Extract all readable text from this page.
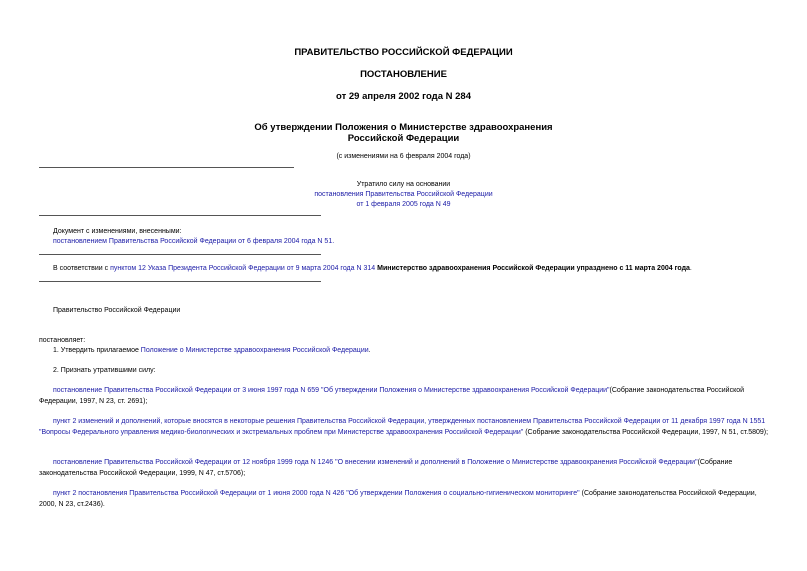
ПРАВИТЕЛЬСТВО РОССИЙСКОЙ ФЕДЕРАЦИИ
ПОСТАНОВЛЕНИЕ
от 29 апреля 2002 года N 284
Об утверждении Положения о Министерстве здравоохранения
Российской Федерации
(с изменениями на 6 февраля 2004 года)
Утратило силу на основании
постановления Правительства Российской Федерации
от 1 февраля 2005 года N 49
Документ с изменениями, внесенными:
постановлением Правительства Российской Федерации от 6 февраля 2004 года N 51.
В соответствии с пунктом 12 Указа Президента Российской Федерации от 9 марта 2004 года N 314 Министерство здравоохранения Российской Федерации упразднено с 11 марта 2004 года.
Правительство Российской Федерации
постановляет:
1. Утвердить прилагаемое Положение о Министерстве здравоохранения Российской Федерации.
2. Признать утратившими силу:
постановление Правительства Российской Федерации от 3 июня 1997 года N 659 "Об утверждении Положения о Министерстве здравоохранения Российской Федерации"(Собрание законодательства Российской Федерации, 1997, N 23, ст. 2691);
пункт 2 изменений и дополнений, которые вносятся в некоторые решения Правительства Российской Федерации, утвержденных постановлением Правительства Российской Федерации от 11 декабря 1997 года N 1551 "Вопросы Федерального управления медико-биологических и экстремальных проблем при Министерстве здравоохранения Российской Федерации" (Собрание законодательства Российской Федерации, 1997, N 51, ст.5809);
постановление Правительства Российской Федерации от 12 ноября 1999 года N 1246 "О внесении изменений и дополнений в Положение о Министерстве здравоохранения Российской Федерации"(Собрание законодательства Российской Федерации, 1999, N 47, ст.5706);
пункт 2 постановления Правительства Российской Федерации от 1 июня 2000 года N 426 "Об утверждении Положения о социально-гигиеническом мониторинге" (Собрание законодательства Российской Федерации, 2000, N 23, ст.2436).
